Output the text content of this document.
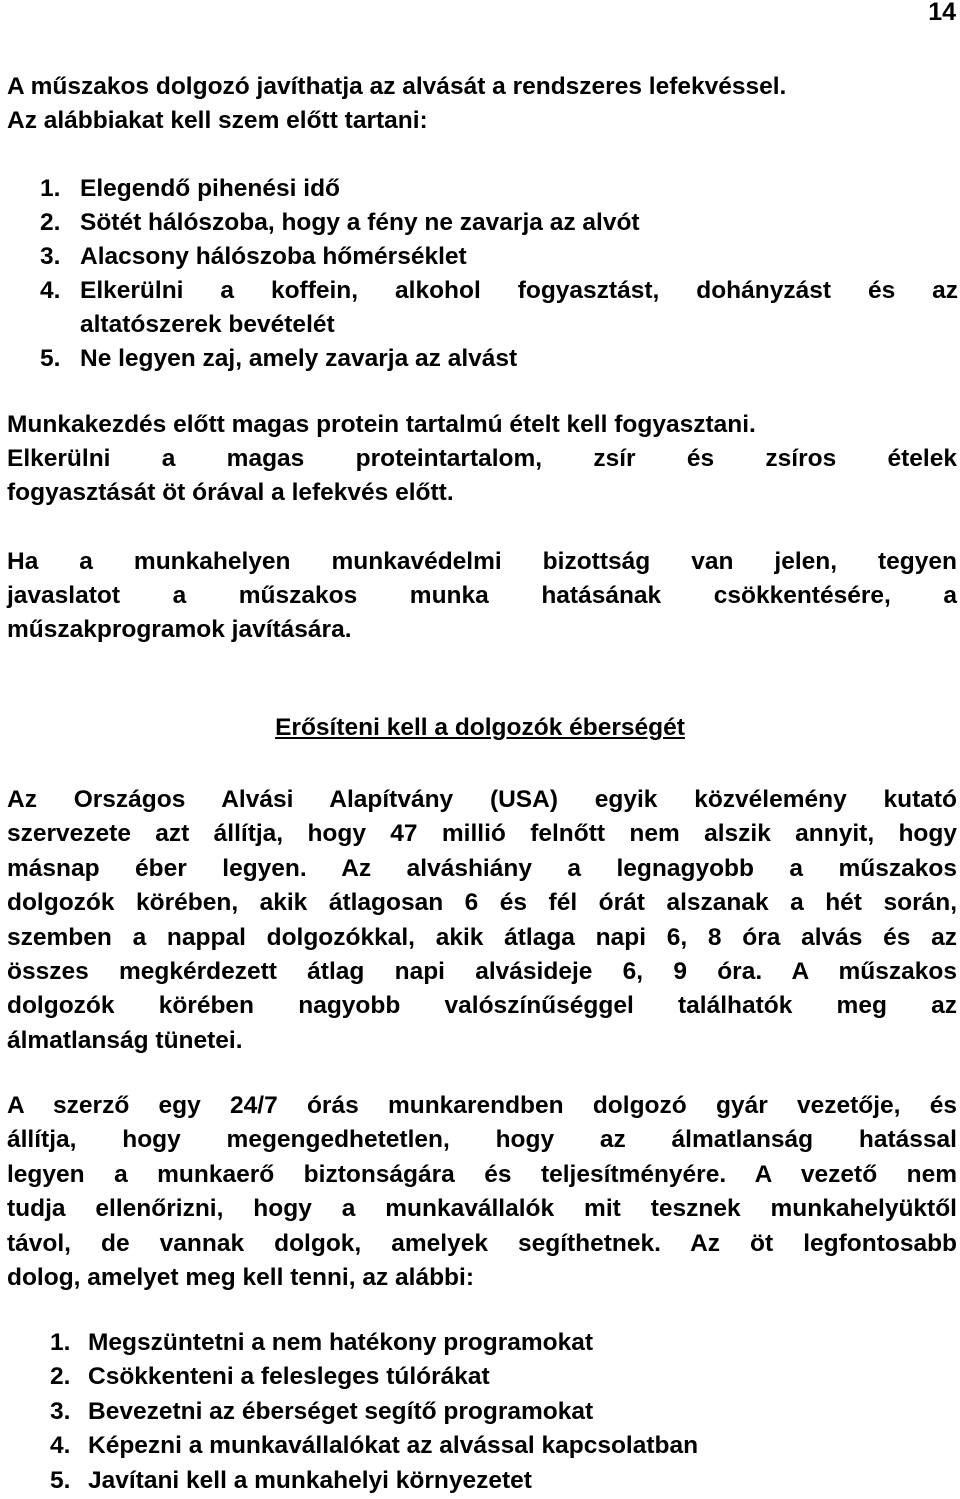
14
A műszakos dolgozó javíthatja az alvását a rendszeres lefekvéssel.
Az alábbiakat kell szem előtt tartani:
1. Elegendő pihenési idő
2. Sötét hálószoba, hogy a fény ne zavarja az alvót
3. Alacsony hálószoba hőmérséklet
4. Elkerülni a koffein, alkohol fogyasztást, dohányzást és az
altatószerek bevételét
5. Ne legyen zaj, amely zavarja az alvást
Munkakezdés előtt magas protein tartalmú ételt kell fogyasztani.
Elkerülni a magas proteintartalom, zsír és zsíros ételek
fogyasztását öt órával a lefekvés előtt.
Ha a munkahelyen munkavédelmi bizottság van jelen, tegyen
javaslatot a műszakos munka hatásának csökkentésére, a
műszakprogramok javítására.
Erősíteni kell a dolgozók éberségét
Az Országos Alvási Alapítvány (USA) egyik közvélemény kutató
szervezete azt állítja, hogy 47 millió felnőtt nem alszik annyit, hogy
másnap éber legyen. Az alváshiány a legnagyobb a műszakos
dolgozók körében, akik átlagosan 6 és fél órát alszanak a hét során,
szemben a nappal dolgozókkal, akik átlaga napi 6, 8 óra alvás és az
összes megkérdezett átlag napi alvásideje 6, 9 óra. A műszakos
dolgozók körében nagyobb valószínűséggel találhatók meg az
álmatlanság tünetei.
A szerző egy 24/7 órás munkarendben dolgozó gyár vezetője, és
állítja, hogy megengedhetetlen, hogy az álmatlanság hatással
legyen a munkaerő biztonságára és teljesítményére. A vezető nem
tudja ellenőrizni, hogy a munkavállalók mit tesznek munkahelyüktől
távol, de vannak dolgok, amelyek segíthetnek. Az öt legfontosabb
dolog, amelyet meg kell tenni, az alábbi:
1. Megszüntetni a nem hatékony programokat
2. Csökkenteni a felesleges túlórákat
3. Bevezetni az éberséget segítő programokat
4. Képezni a munkavállalókat az alvással kapcsolatban
5. Javítani kell a munkahelyi környezetet
